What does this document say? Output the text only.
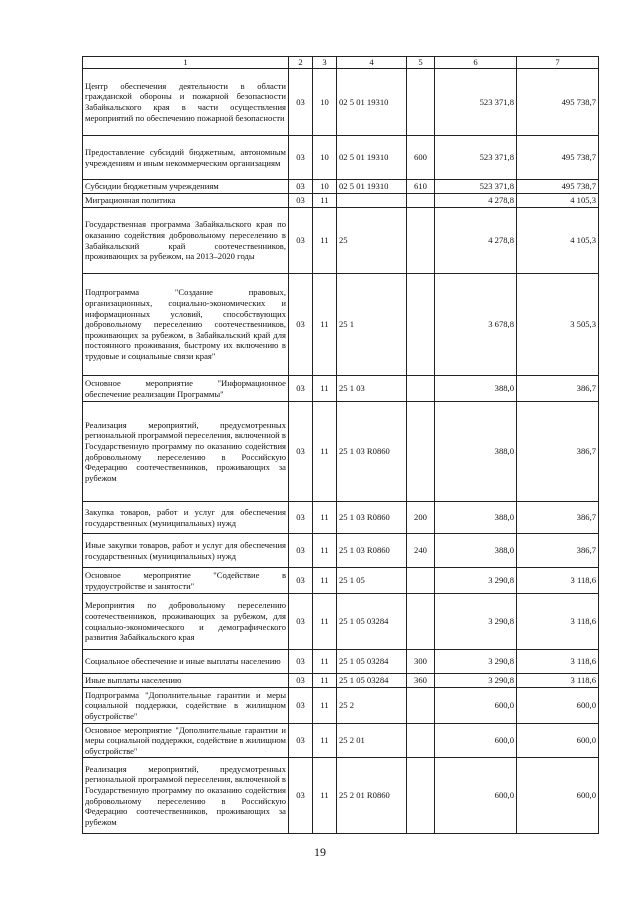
1	2	3	4	5	6	7
Центр обеспечения деятельности в области гражданской обороны и пожарной безопасности Забайкальского края в части осуществления мероприятий по обеспечению пожарной безопасности	03	10	02 5 01 19310		523 371,8	495 738,7
Предоставление субсидий бюджетным, автономным учреждениям и иным некоммерческим организациям	03	10	02 5 01 19310	600	523 371,8	495 738,7
Субсидии бюджетным учреждениям	03	10	02 5 01 19310	610	523 371,8	495 738,7
Миграционная политика	03	11			4 278,8	4 105,3
Государственная программа Забайкальского края по оказанию содействия добровольному переселению в Забайкальский край соотечественников, проживающих за рубежом, на 2013–2020 годы	03	11	25		4 278,8	4 105,3
Подпрограмма "Создание правовых, организационных, социально-экономических и информационных условий, способствующих добровольному переселению соотечественников, проживающих за рубежом, в Забайкальский край для постоянного проживания, быстрому их включению в трудовые и социальные связи края"	03	11	25 1		3 678,8	3 505,3
Основное мероприятие "Информационное обеспечение реализации Программы"	03	11	25 1 03		388,0	386,7
Реализация мероприятий, предусмотренных региональной программой переселения, включенной в Государственную программу по оказанию содействия добровольному переселению в Российскую Федерацию соотечественников, проживающих за рубежом	03	11	25 1 03 R0860		388,0	386,7
Закупка товаров, работ и услуг для обеспечения государственных (муниципальных) нужд	03	11	25 1 03 R0860	200	388,0	386,7
Иные закупки товаров, работ и услуг для обеспечения государственных (муниципальных) нужд	03	11	25 1 03 R0860	240	388,0	386,7
Основное мероприятие "Содействие в трудоустройстве и занятости"	03	11	25 1 05		3 290,8	3 118,6
Мероприятия по добровольному переселению соотечественников, проживающих за рубежом, для социально-экономического и демографического развития Забайкальского края	03	11	25 1 05 03284		3 290,8	3 118,6
Социальное обеспечение и иные выплаты населению	03	11	25 1 05 03284	300	3 290,8	3 118,6
Иные выплаты населению	03	11	25 1 05 03284	360	3 290,8	3 118,6
Подпрограмма "Дополнительные гарантии и меры социальной поддержки, содействие в жилищном обустройстве"	03	11	25 2		600,0	600,0
Основное мероприятие "Дополнительные гарантии и меры социальной поддержки, содействие в жилищном обустройстве"	03	11	25 2 01		600,0	600,0
Реализация мероприятий, предусмотренных региональной программой переселения, включенной в Государственную программу по оказанию содействия добровольному переселению в Российскую Федерацию соотечественников, проживающих за рубежом	03	11	25 2 01 R0860		600,0	600,0
19
